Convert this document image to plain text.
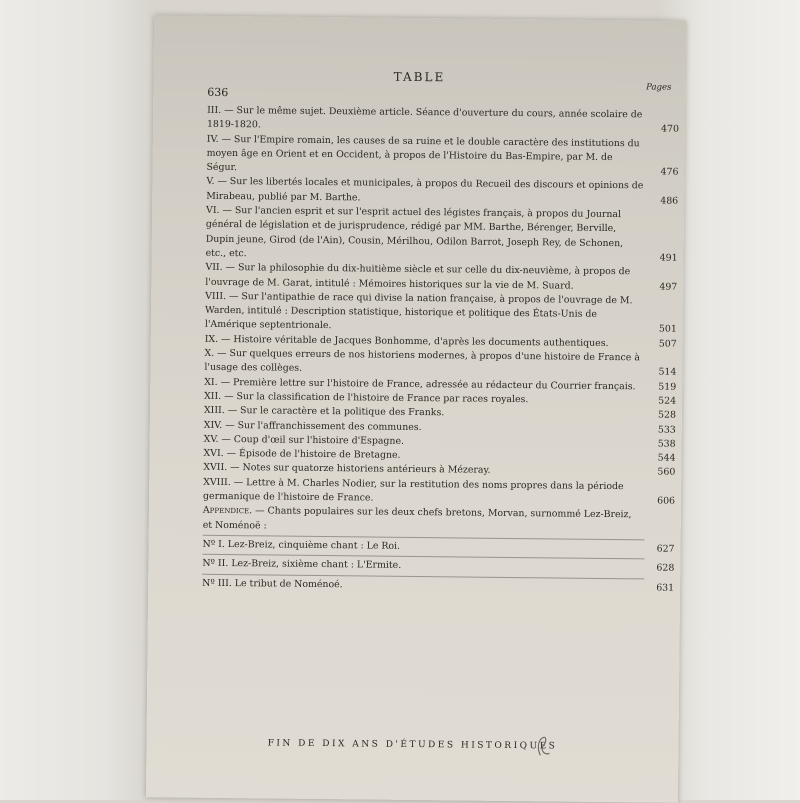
636
TABLE
Pages
III. — Sur le même sujet. Deuxième article. Séance d'ouverture du cours, année scolaire de 1819-1820.	470
IV. — Sur l'Empire romain, les causes de sa ruine et le double caractère des institutions du moyen âge en Orient et en Occident, à propos de l'Histoire du Bas-Empire, par M. de Ségur.	476
V. — Sur les libertés locales et municipales, à propos du Recueil des discours et opinions de Mirabeau, publié par M. Barthe.	486
VI. — Sur l'ancien esprit et sur l'esprit actuel des légistes français, à propos du Journal général de législation et de jurisprudence, rédigé par MM. Barthe, Bérenger, Berville, Dupin jeune, Girod (de l'Ain), Cousin, Mérilhou, Odilon Barrot, Joseph Rey, de Schonen, etc., etc.	491
VII. — Sur la philosophie du dix-huitième siècle et sur celle du dix-neuvième, à propos de l'ouvrage de M. Garat, intitulé : Mémoires historiques sur la vie de M. Suard.	497
VIII. — Sur l'antipathie de race qui divise la nation française, à propos de l'ouvrage de M. Warden, intitulé : Description statistique, historique et politique des États-Unis de l'Amérique septentrionale.	501
IX. — Histoire véritable de Jacques Bonhomme, d'après les documents authentiques.	507
X. — Sur quelques erreurs de nos historiens modernes, à propos d'une histoire de France à l'usage des collèges.	514
XI. — Première lettre sur l'histoire de France, adressée au rédacteur du Courrier français. 519
XII. — Sur la classification de l'histoire de France par races royales.	524
XIII. — Sur le caractère et la politique des Franks.	528
XIV. — Sur l'affranchissement des communes.	533
XV. — Coup d'œil sur l'histoire d'Espagne.	538
XVI. — Épisode de l'histoire de Bretagne.	544
XVII. — Notes sur quatorze historiens antérieurs à Mézeray.	560
XVIII. — Lettre à M. Charles Nodier, sur la restitution des noms propres dans la période germanique de l'histoire de France.	606
Appendice. — Chants populaires sur les deux chefs bretons, Morvan, surnommé Lez-Breiz, et Noménoë :
Nº I. Lez-Breiz, cinquième chant : Le Roi.	627
Nº II. Lez-Breiz, sixième chant : L'Ermite.	628
Nº III. Le tribut de Noménoé.	631
FIN DE DIX ANS D'ÉTUDES HISTORIQUES
